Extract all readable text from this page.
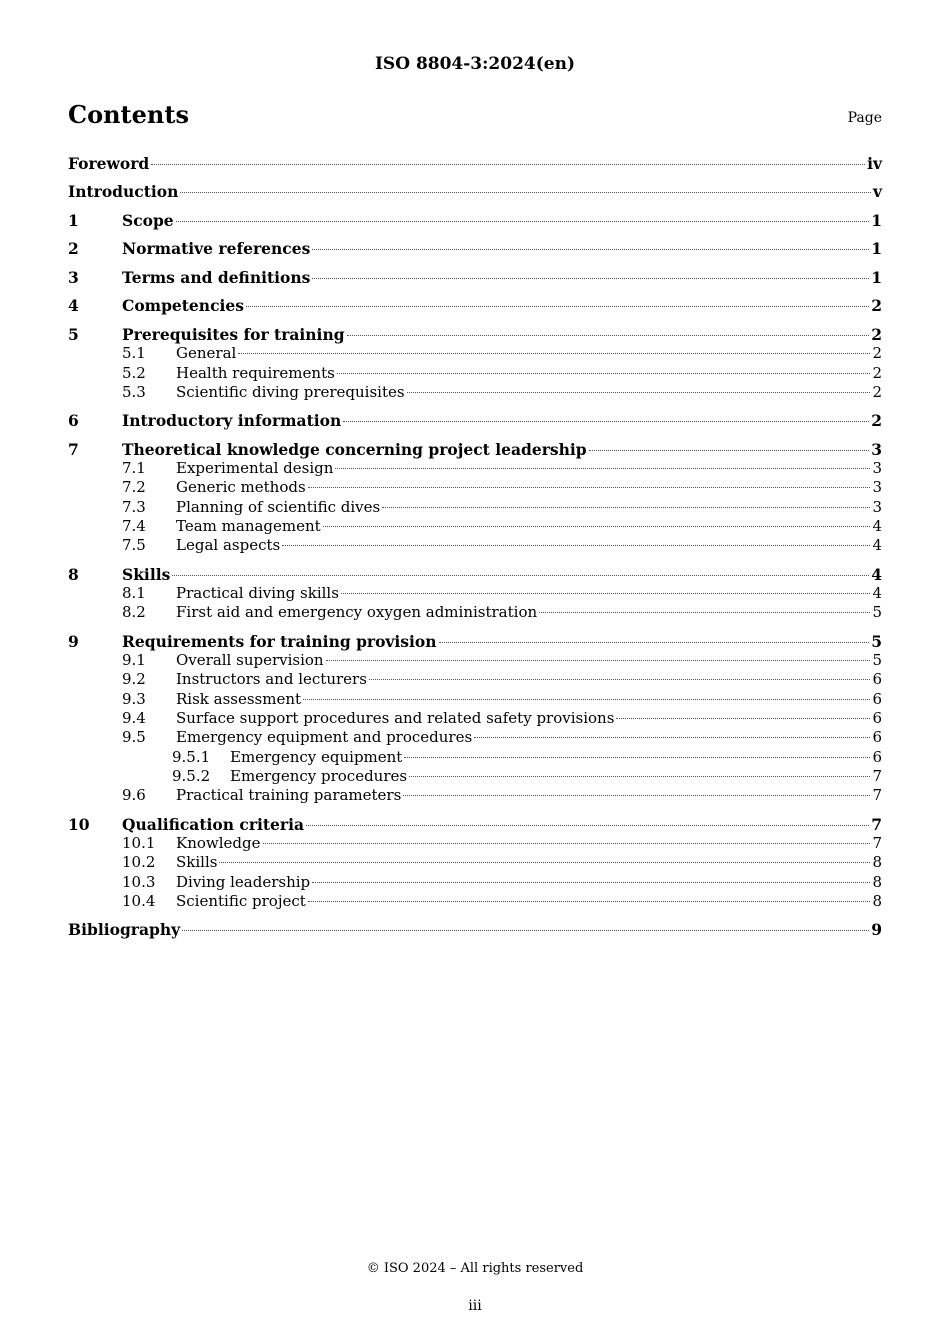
ISO 8804-3:2024(en)
Contents	Page
Foreword	iv
Introduction	v
1	Scope	1
2	Normative references	1
3	Terms and definitions	1
4	Competencies	2
5	Prerequisites for training	2
5.1	General	2
5.2	Health requirements	2
5.3	Scientific diving prerequisites	2
6	Introductory information	2
7	Theoretical knowledge concerning project leadership	3
7.1	Experimental design	3
7.2	Generic methods	3
7.3	Planning of scientific dives	3
7.4	Team management	4
7.5	Legal aspects	4
8	Skills	4
8.1	Practical diving skills	4
8.2	First aid and emergency oxygen administration	5
9	Requirements for training provision	5
9.1	Overall supervision	5
9.2	Instructors and lecturers	6
9.3	Risk assessment	6
9.4	Surface support procedures and related safety provisions	6
9.5	Emergency equipment and procedures	6
9.5.1	Emergency equipment	6
9.5.2	Emergency procedures	7
9.6	Practical training parameters	7
10	Qualification criteria	7
10.1	Knowledge	7
10.2	Skills	8
10.3	Diving leadership	8
10.4	Scientific project	8
Bibliography	9
© ISO 2024 – All rights reserved
iii
